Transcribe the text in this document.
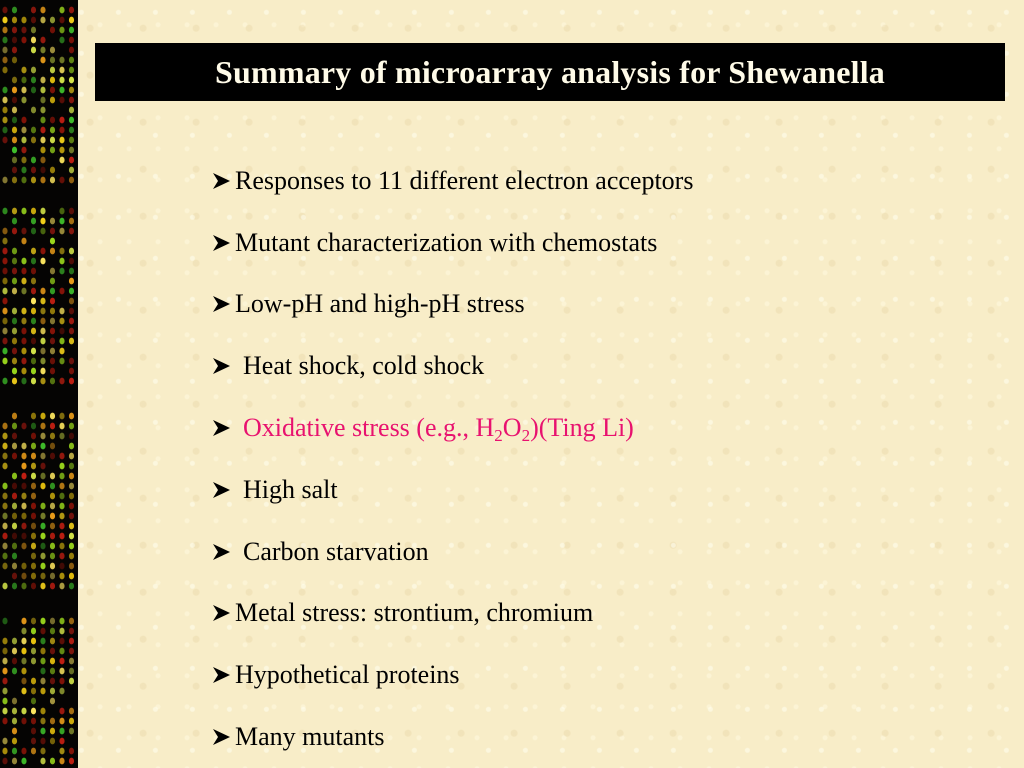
Summary of microarray analysis for Shewanella
Responses to 11 different electron acceptors
Mutant characterization with chemostats
Low-pH and high-pH stress
Heat shock, cold shock
Oxidative stress (e.g., $H_2O_2)(Ting$ Li)
High salt
Carbon starvation
Metal stress: strontium, chromium
Hypothetical proteins
Many mutants
